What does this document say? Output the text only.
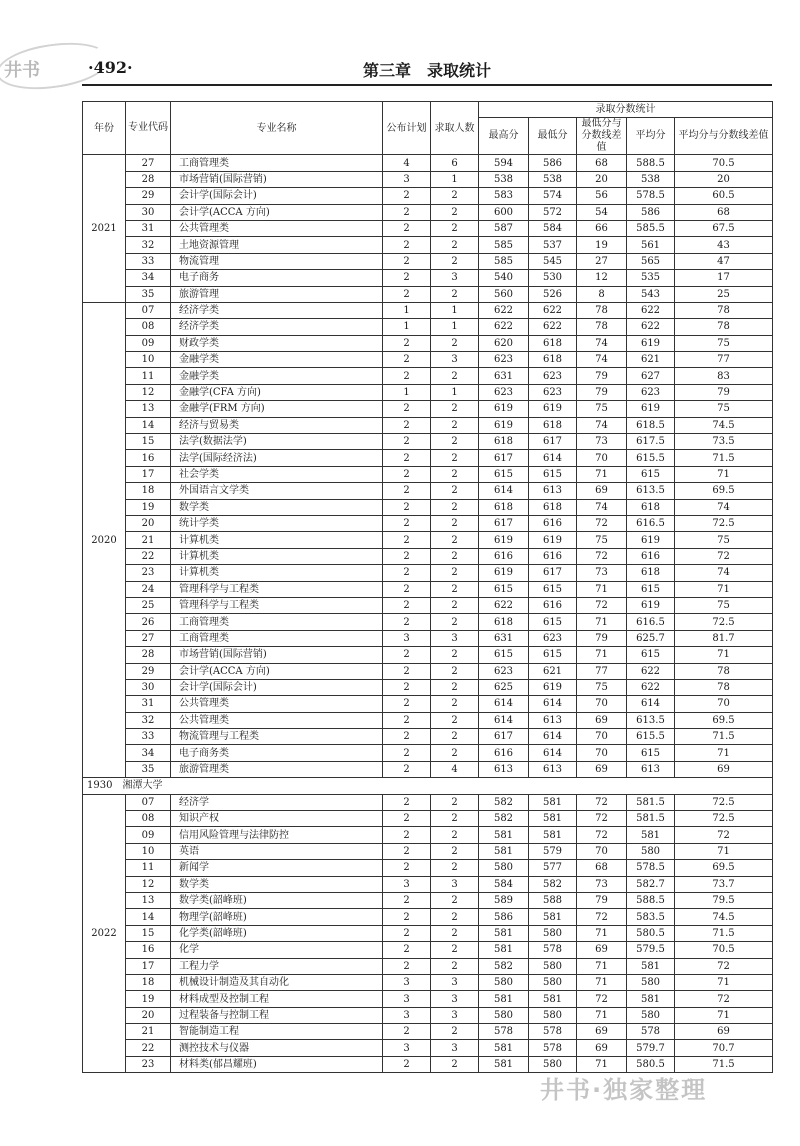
井书	·492·	第三章　录取统计
年份	专业代码	专业名称	公布计划	求取人数	录取分数统计				
					最高分	最低分	最低分与分数线差值	平均分	平均分与分数线差值
2021	27	工商管理类	4	6	594	586	68	588.5	70.5
	28	市场营销(国际营销)	3	1	538	538	20	538	20
	29	会计学(国际会计)	2	2	583	574	56	578.5	60.5
	30	会计学(ACCA 方向)	2	2	600	572	54	586	68
	31	公共管理类	2	2	587	584	66	585.5	67.5
	32	土地资源管理	2	2	585	537	19	561	43
	33	物流管理	2	2	585	545	27	565	47
	34	电子商务	2	3	540	530	12	535	17
	35	旅游管理	2	2	560	526	8	543	25
2020	07	经济学类	1	1	622	622	78	622	78
	08	经济学类	1	1	622	622	78	622	78
	09	财政学类	2	2	620	618	74	619	75
	10	金融学类	2	3	623	618	74	621	77
	11	金融学类	2	2	631	623	79	627	83
	12	金融学(CFA 方向)	1	1	623	623	79	623	79
	13	金融学(FRM 方向)	2	2	619	619	75	619	75
	14	经济与贸易类	2	2	619	618	74	618.5	74.5
	15	法学(数据法学)	2	2	618	617	73	617.5	73.5
	16	法学(国际经济法)	2	2	617	614	70	615.5	71.5
	17	社会学类	2	2	615	615	71	615	71
	18	外国语言文学类	2	2	614	613	69	613.5	69.5
	19	数学类	2	2	618	618	74	618	74
	20	统计学类	2	2	617	616	72	616.5	72.5
	21	计算机类	2	2	619	619	75	619	75
	22	计算机类	2	2	616	616	72	616	72
	23	计算机类	2	2	619	617	73	618	74
	24	管理科学与工程类	2	2	615	615	71	615	71
	25	管理科学与工程类	2	2	622	616	72	619	75
	26	工商管理类	2	2	618	615	71	616.5	72.5
	27	工商管理类	3	3	631	623	79	625.7	81.7
	28	市场营销(国际营销)	2	2	615	615	71	615	71
	29	会计学(ACCA 方向)	2	2	623	621	77	622	78
	30	会计学(国际会计)	2	2	625	619	75	622	78
	31	公共管理类	2	2	614	614	70	614	70
	32	公共管理类	2	2	614	613	69	613.5	69.5
	33	物流管理与工程类	2	2	617	614	70	615.5	71.5
	34	电子商务类	2	2	616	614	70	615	71
	35	旅游管理类	2	4	613	613	69	613	69
1930　湘潭大学									
2022	07	经济学	2	2	582	581	72	581.5	72.5
	08	知识产权	2	2	582	581	72	581.5	72.5
	09	信用风险管理与法律防控	2	2	581	581	72	581	72
	10	英语	2	2	581	579	70	580	71
	11	新闻学	2	2	580	577	68	578.5	69.5
	12	数学类	3	3	584	582	73	582.7	73.7
	13	数学类(韶峰班)	2	2	589	588	79	588.5	79.5
	14	物理学(韶峰班)	2	2	586	581	72	583.5	74.5
	15	化学类(韶峰班)	2	2	581	580	71	580.5	71.5
	16	化学	2	2	581	578	69	579.5	70.5
	17	工程力学	2	2	582	580	71	581	72
	18	机械设计制造及其自动化	3	3	580	580	71	580	71
	19	材料成型及控制工程	3	3	581	581	72	581	72
	20	过程装备与控制工程	3	3	580	580	71	580	71
	21	智能制造工程	2	2	578	578	69	578	69
	22	测控技术与仪器	3	3	581	578	69	579.7	70.7
	23	材料类(郁昌耀班)	2	2	581	580	71	580.5	71.5
井书·独家整理
